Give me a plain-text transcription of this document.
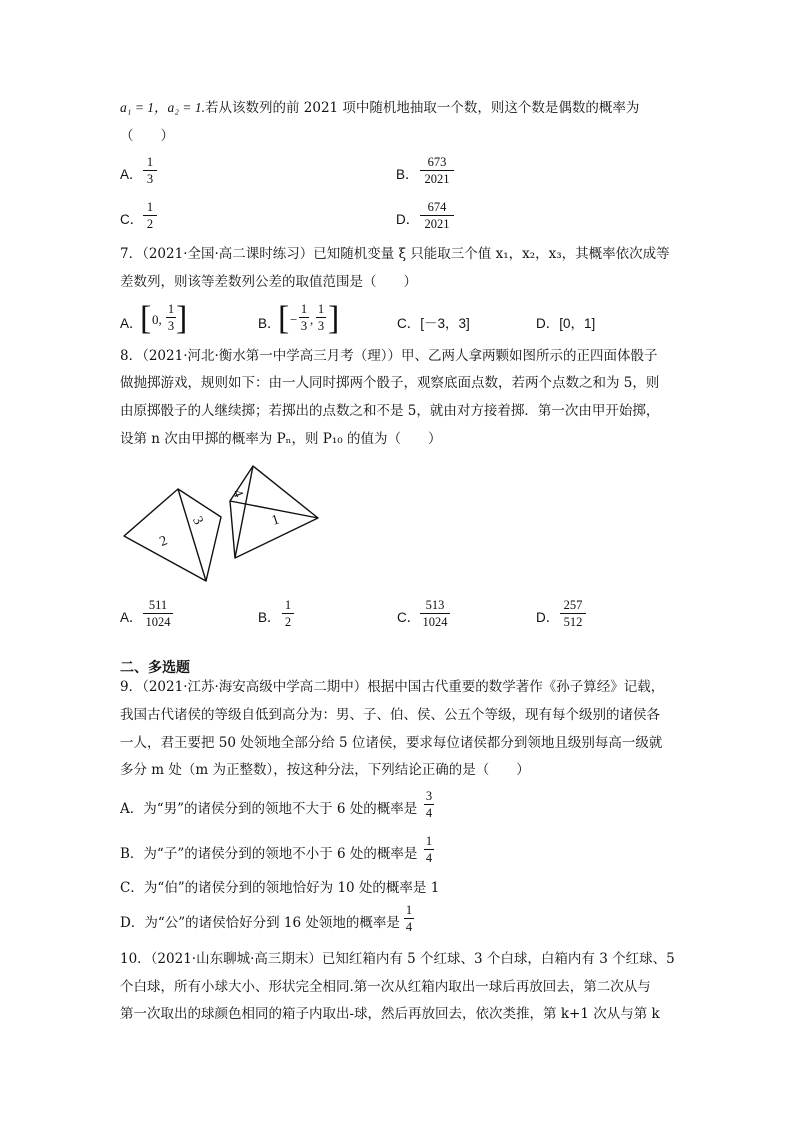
a₁ = 1，a₂ = 1.若从该数列的前 2021 项中随机地抽取一个数，则这个数是偶数的概率为
（　　）
A．
1
3	B．
673
2021
C．
1
2	D．
674
2021
7．（2021·全国·高二课时练习）已知随机变量 ξ 只能取三个值 x₁，x₂，x₃，其概率依次成等
差数列，则该等差数列公差的取值范围是（　　）
A．
[ 0,
1
3 ]	B．
[ −
1
3 ,
1
3 ]	C．[－3，3]	D．[0，1]
8．（2021·河北·衡水第一中学高三月考（理））甲、乙两人拿两颗如图所示的正四面体骰子
做抛掷游戏，规则如下：由一人同时掷两个骰子，观察底面点数，若两个点数之和为 5，则
由原掷骰子的人继续掷；若掷出的点数之和不是 5，就由对方接着掷．第一次由甲开始掷，
设第 n 次由甲掷的概率为 Pₙ，则 P₁₀ 的值为（　　）
2
3
4
1
A．
511
1024	B．
1
2	C．
513
1024	D．
257
512
二、多选题
9．（2021·江苏·海安高级中学高二期中）根据中国古代重要的数学著作《孙子算经》记载，
我国古代诸侯的等级自低到高分为：男、子、伯、侯、公五个等级，现有每个级别的诸侯各
一人，君王要把 50 处领地全部分给 5 位诸侯，要求每位诸侯都分到领地且级别每高一级就
多分 m 处（m 为正整数），按这种分法，下列结论正确的是（　　）
A．为“男”的诸侯分到的领地不大于 6 处的概率是
3
4
B．为“子”的诸侯分到的领地不小于 6 处的概率是
1
4
C．为“伯”的诸侯分到的领地恰好为 10 处的概率是 1
D．为“公”的诸侯恰好分到 16 处领地的概率是
1
4
10．（2021·山东聊城·高三期末）已知红箱内有 5 个红球、3 个白球，白箱内有 3 个红球、5
个白球，所有小球大小、形状完全相同.第一次从红箱内取出一球后再放回去，第二次从与
第一次取出的球颜色相同的箱子内取出-球，然后再放回去，依次类推，第 k+1 次从与第 k
